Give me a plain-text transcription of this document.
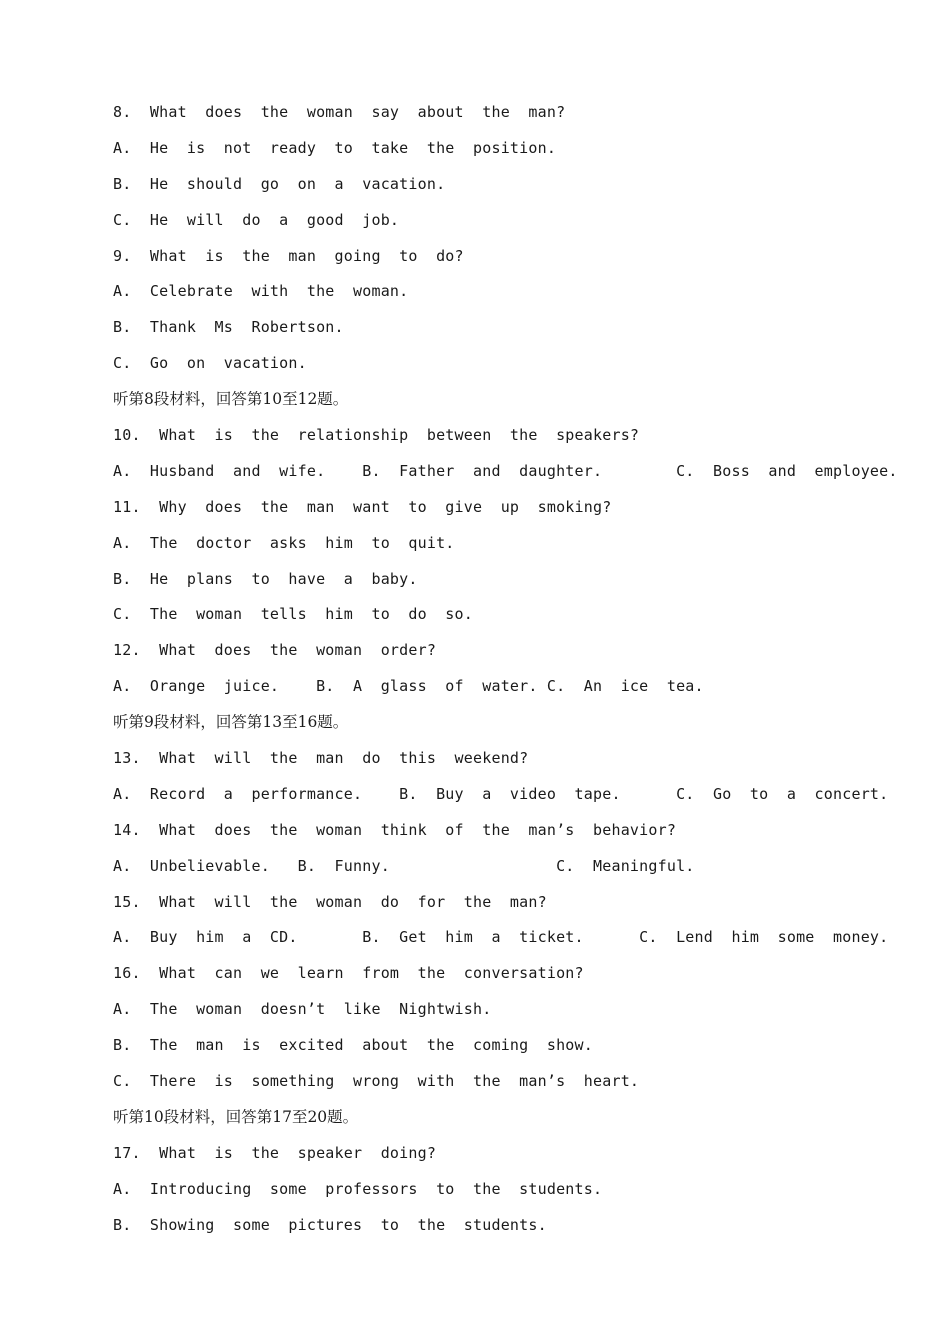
8.  What  does  the  woman  say  about  the  man?
A.  He  is  not  ready  to  take  the  position.
B.  He  should  go  on  a  vacation.
C.  He  will  do  a  good  job.
9.  What  is  the  man  going  to  do?
A.  Celebrate  with  the  woman.
B.  Thank  Ms  Robertson.
C.  Go  on  vacation.
听第8段材料，回答第10至12题。
10.  What  is  the  relationship  between  the  speakers?
A.  Husband  and  wife.    B.  Father  and  daughter.        C.  Boss  and  employee.
11.  Why  does  the  man  want  to  give  up  smoking?
A.  The  doctor  asks  him  to  quit.
B.  He  plans  to  have  a  baby.
C.  The  woman  tells  him  to  do  so.
12.  What  does  the  woman  order?
A.  Orange  juice.    B.  A  glass  of  water. C.  An  ice  tea.
听第9段材料，回答第13至16题。
13.  What  will  the  man  do  this  weekend?
A.  Record  a  performance.    B.  Buy  a  video  tape.      C.  Go  to  a  concert.
14.  What  does  the  woman  think  of  the  man’s  behavior?
A.  Unbelievable.   B.  Funny.                  C.  Meaningful.
15.  What  will  the  woman  do  for  the  man?
A.  Buy  him  a  CD.       B.  Get  him  a  ticket.      C.  Lend  him  some  money.
16.  What  can  we  learn  from  the  conversation?
A.  The  woman  doesn’t  like  Nightwish.
B.  The  man  is  excited  about  the  coming  show.
C.  There  is  something  wrong  with  the  man’s  heart.
听第10段材料，回答第17至20题。
17.  What  is  the  speaker  doing?
A.  Introducing  some  professors  to  the  students.
B.  Showing  some  pictures  to  the  students.
